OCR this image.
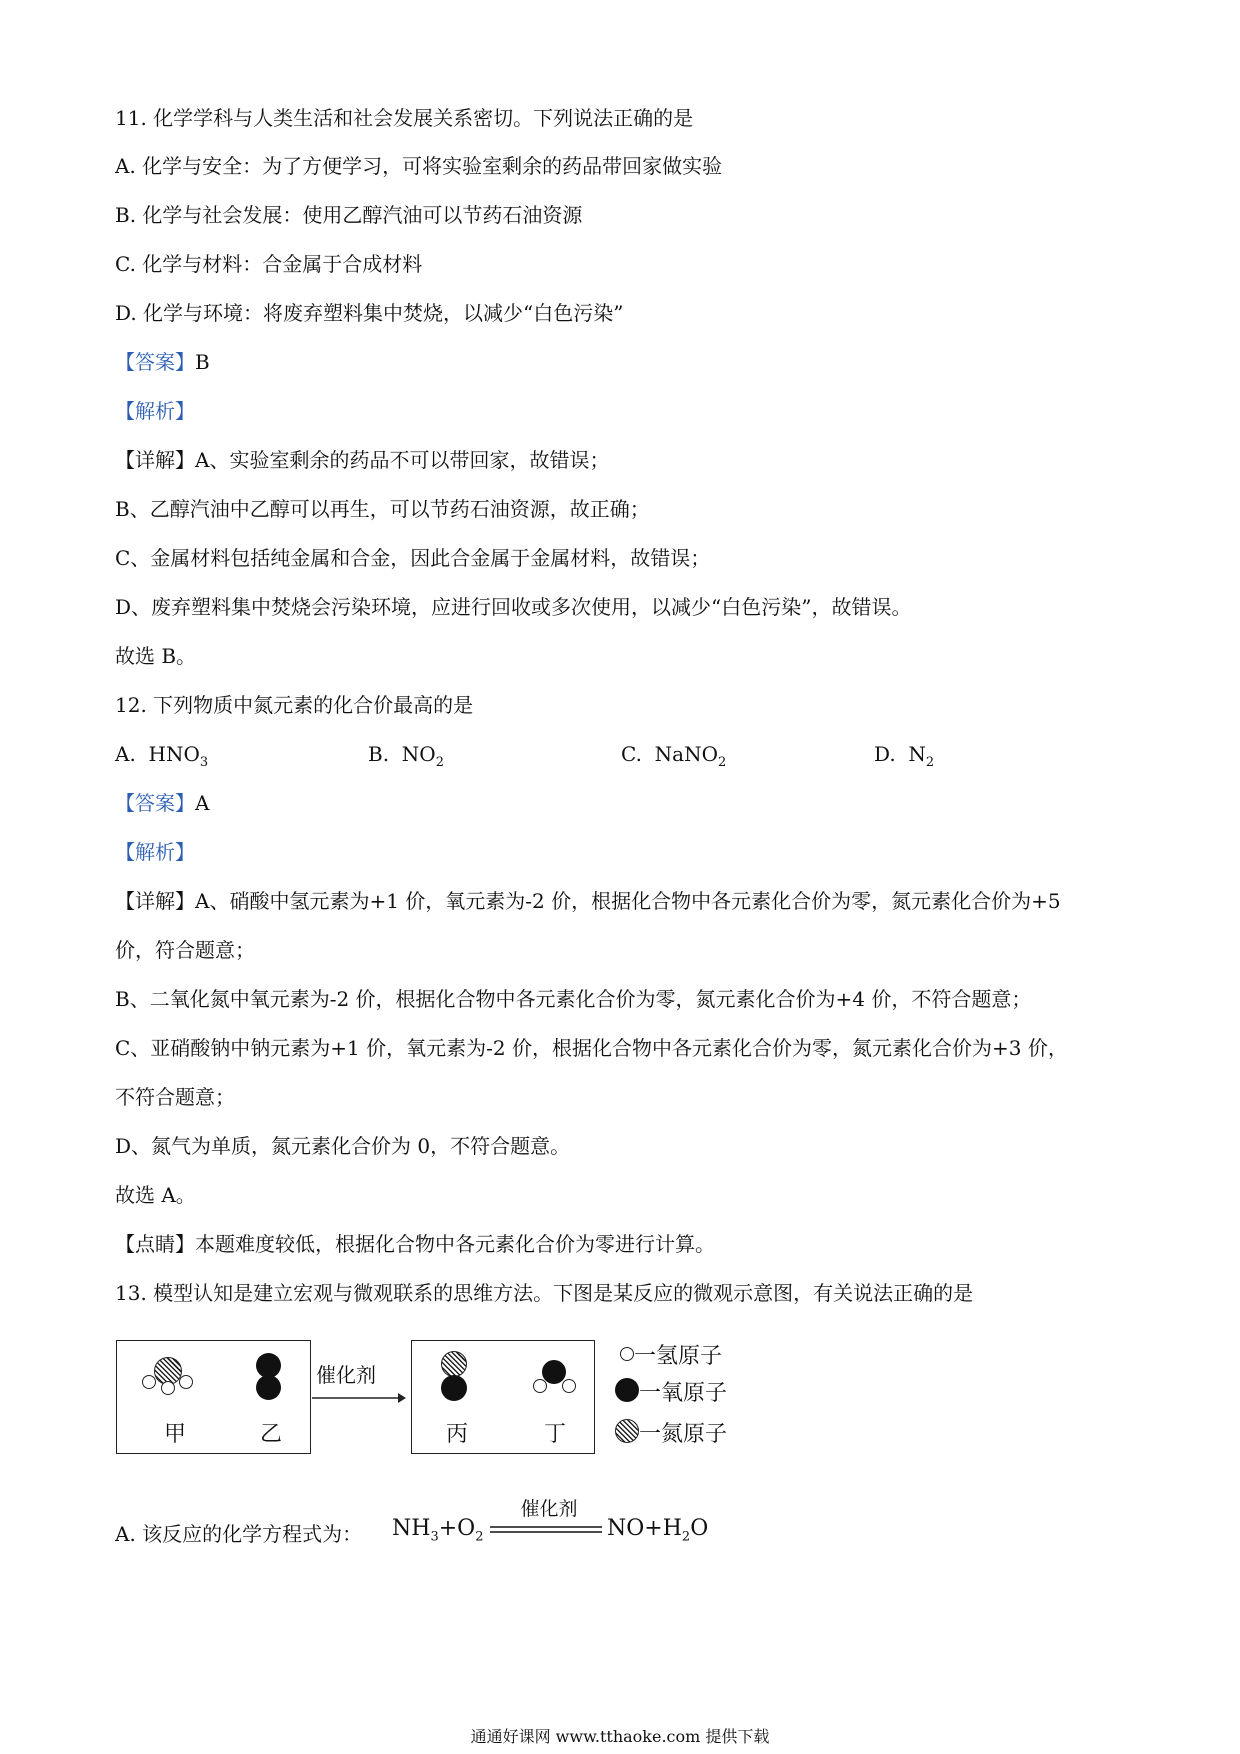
11. 化学学科与人类生活和社会发展关系密切。下列说法正确的是
A. 化学与安全：为了方便学习，可将实验室剩余的药品带回家做实验
B. 化学与社会发展：使用乙醇汽油可以节药石油资源
C. 化学与材料：合金属于合成材料
D. 化学与环境：将废弃塑料集中焚烧，以减少“白色污染”
【答案】B
【解析】
【详解】A、实验室剩余的药品不可以带回家，故错误；
B、乙醇汽油中乙醇可以再生，可以节药石油资源，故正确；
C、金属材料包括纯金属和合金，因此合金属于金属材料，故错误；
D、废弃塑料集中焚烧会污染环境，应进行回收或多次使用，以减少“白色污染”，故错误。
故选 B。
12. 下列物质中氮元素的化合价最高的是
A. $HNO_3$	B. $NO_2$	C. NaNO$_2$	D. $N_2$
【答案】A
【解析】
【详解】A、硝酸中氢元素为+1 价，氧元素为-2 价，根据化合物中各元素化合价为零，氮元素化合价为+5
价，符合题意；
B、二氧化氮中氧元素为-2 价，根据化合物中各元素化合价为零，氮元素化合价为+4 价，不符合题意；
C、亚硝酸钠中钠元素为+1 价，氧元素为-2 价，根据化合物中各元素化合价为零，氮元素化合价为+3 价，
不符合题意；
D、氮气为单质，氮元素化合价为 0，不符合题意。
故选 A。
【点睛】本题难度较低，根据化合物中各元素化合价为零进行计算。
13. 模型认知是建立宏观与微观联系的思维方法。下图是某反应的微观示意图，有关说法正确的是
甲	乙
催化剂
丙	丁
一氢原子
一氧原子
一氮原子
A. 该反应的化学方程式为： $NH_3+O_2$
催化剂
$NO+H_2O$
通通好课网 www.tthaoke.com 提供下载
